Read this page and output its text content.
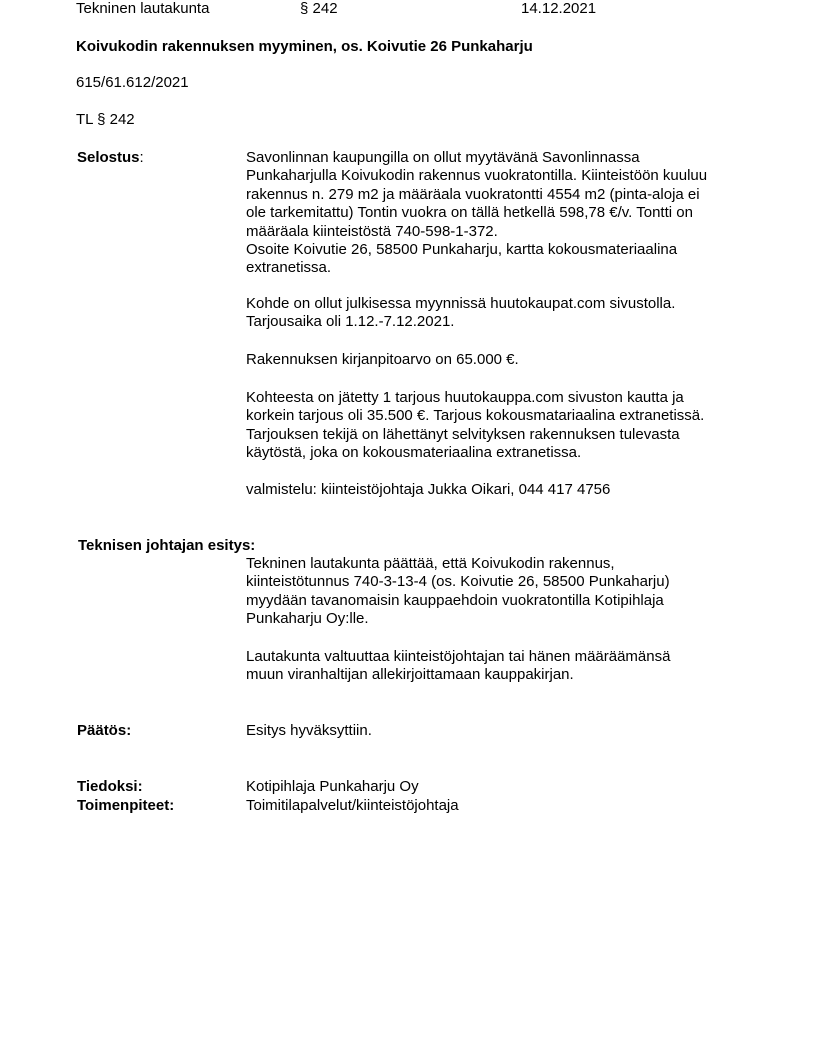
Tekninen lautakunta	§ 242	14.12.2021
Koivukodin rakennuksen myyminen, os. Koivutie 26 Punkaharju
615/61.612/2021
TL § 242
Selostus:	Savonlinnan kaupungilla on ollut myytävänä Savonlinnassa
Punkaharjulla Koivukodin rakennus vuokratontilla. Kiinteistöön kuuluu
rakennus n. 279 m2 ja määräala vuokratontti 4554 m2 (pinta-aloja ei
ole tarkemitattu) Tontin vuokra on tällä hetkellä 598,78 €/v. Tontti on
määräala kiinteistöstä 740-598-1-372.
Osoite Koivutie 26, 58500 Punkaharju, kartta kokousmateriaalina
extranetissa.
Kohde on ollut julkisessa myynnissä huutokaupat.com sivustolla.
Tarjousaika oli 1.12.-7.12.2021.
Rakennuksen kirjanpitoarvo on 65.000 €.
Kohteesta on jätetty 1 tarjous huutokauppa.com sivuston kautta ja
korkein tarjous oli 35.500 €. Tarjous kokousmatariaalina extranetissä.
Tarjouksen tekijä on lähettänyt selvityksen rakennuksen tulevasta
käytöstä, joka on kokousmateriaalina extranetissa.
valmistelu: kiinteistöjohtaja Jukka Oikari, 044 417 4756
Teknisen johtajan esitys:
Tekninen lautakunta päättää, että Koivukodin rakennus,
kiinteistötunnus 740-3-13-4 (os. Koivutie 26, 58500 Punkaharju)
myydään tavanomaisin kauppaehdoin vuokratontilla Kotipihlaja
Punkaharju Oy:lle.
Lautakunta valtuuttaa kiinteistöjohtajan tai hänen määräämänsä
muun viranhaltijan allekirjoittamaan kauppakirjan.
Päätös:	Esitys hyväksyttiin.
Tiedoksi:	Kotipihlaja Punkaharju Oy
Toimenpiteet:	Toimitilapalvelut/kiinteistöjohtaja
